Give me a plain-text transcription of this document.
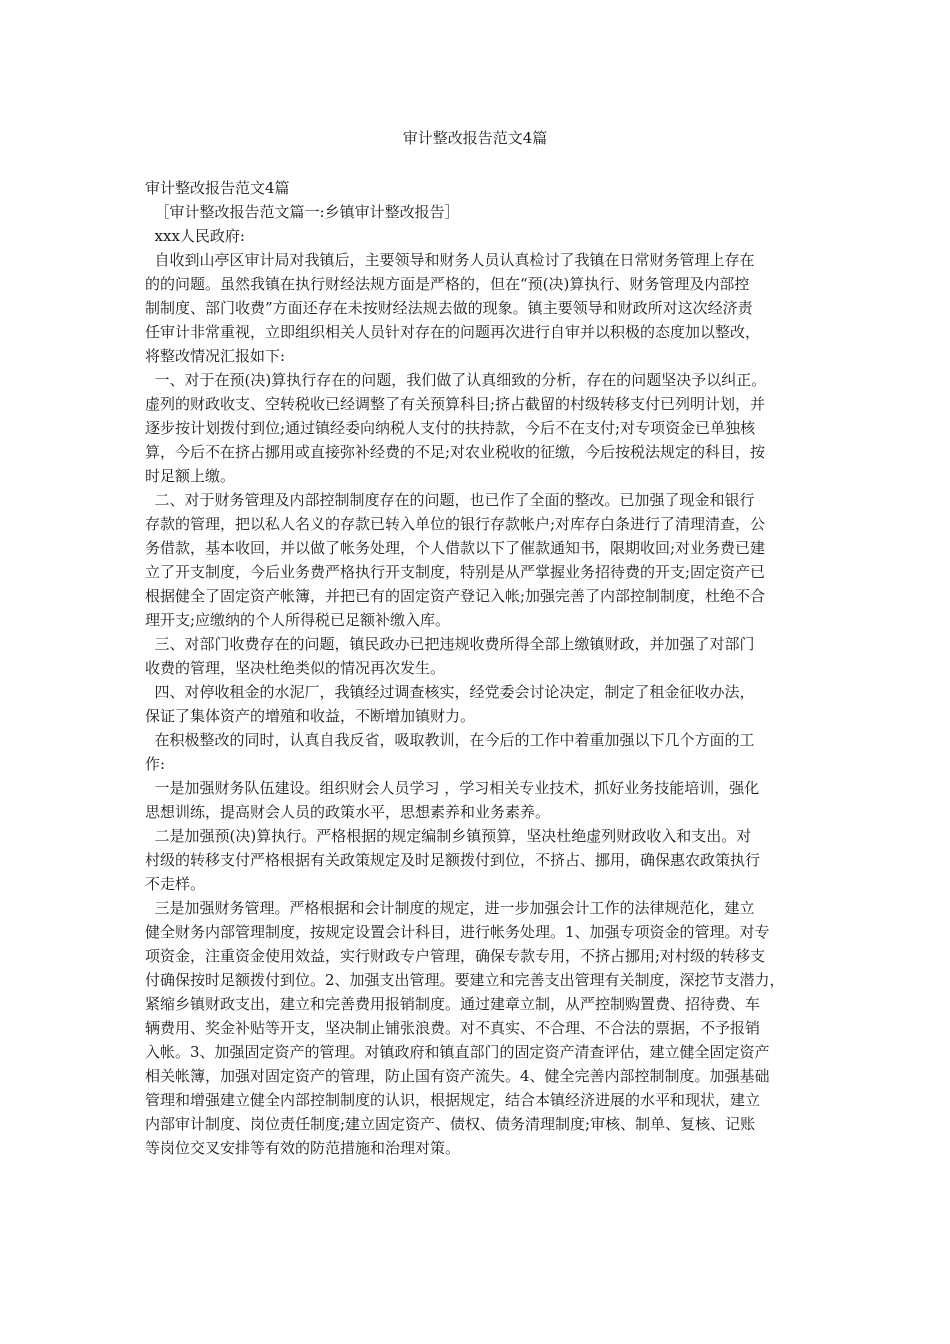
审计整改报告范文4篇
审计整改报告范文4篇
［审计整改报告范文篇一:乡镇审计整改报告］
xxx人民政府:
自收到山亭区审计局对我镇后，主要领导和财务人员认真检讨了我镇在日常财务管理上存在
的的问题。虽然我镇在执行财经法规方面是严格的，但在“预(决)算执行、财务管理及内部控
制制度、部门收费”方面还存在未按财经法规去做的现象。镇主要领导和财政所对这次经济责
任审计非常重视，立即组织相关人员针对存在的问题再次进行自审并以积极的态度加以整改，
将整改情况汇报如下:
一、对于在预(决)算执行存在的问题，我们做了认真细致的分析，存在的问题坚决予以纠正。
虚列的财政收支、空转税收已经调整了有关预算科目;挤占截留的村级转移支付已列明计划，并
逐步按计划拨付到位;通过镇经委向纳税人支付的扶持款，今后不在支付;对专项资金已单独核
算，今后不在挤占挪用或直接弥补经费的不足;对农业税收的征缴，今后按税法规定的科目，按
时足额上缴。
二、对于财务管理及内部控制制度存在的问题，也已作了全面的整改。已加强了现金和银行
存款的管理，把以私人名义的存款已转入单位的银行存款帐户;对库存白条进行了清理清查，公
务借款，基本收回，并以做了帐务处理，个人借款以下了催款通知书，限期收回;对业务费已建
立了开支制度，今后业务费严格执行开支制度，特别是从严掌握业务招待费的开支;固定资产已
根据健全了固定资产帐簿，并把已有的固定资产登记入帐;加强完善了内部控制制度，杜绝不合
理开支;应缴纳的个人所得税已足额补缴入库。
三、对部门收费存在的问题，镇民政办已把违规收费所得全部上缴镇财政，并加强了对部门
收费的管理，坚决杜绝类似的情况再次发生。
四、对停收租金的水泥厂，我镇经过调查核实，经党委会讨论决定，制定了租金征收办法，
保证了集体资产的增殖和收益，不断增加镇财力。
在积极整改的同时，认真自我反省，吸取教训，在今后的工作中着重加强以下几个方面的工
作:
一是加强财务队伍建设。组织财会人员学习 ，学习相关专业技术，抓好业务技能培训，强化
思想训练，提高财会人员的政策水平，思想素养和业务素养。
二是加强预(决)算执行。严格根据的规定编制乡镇预算，坚决杜绝虚列财政收入和支出。对
村级的转移支付严格根据有关政策规定及时足额拨付到位，不挤占、挪用，确保惠农政策执行
不走样。
三是加强财务管理。严格根据和会计制度的规定，进一步加强会计工作的法律规范化，建立
健全财务内部管理制度，按规定设置会计科目，进行帐务处理。1、加强专项资金的管理。对专
项资金，注重资金使用效益，实行财政专户管理，确保专款专用，不挤占挪用;对村级的转移支
付确保按时足额拨付到位。2、加强支出管理。要建立和完善支出管理有关制度，深挖节支潜力，
紧缩乡镇财政支出，建立和完善费用报销制度。通过建章立制，从严控制购置费、招待费、车
辆费用、奖金补贴等开支，坚决制止铺张浪费。对不真实、不合理、不合法的票据，不予报销
入帐。3、加强固定资产的管理。对镇政府和镇直部门的固定资产清查评估，建立健全固定资产
相关帐簿，加强对固定资产的管理，防止国有资产流失。4、健全完善内部控制制度。加强基础
管理和增强建立健全内部控制制度的认识，根据规定，结合本镇经济进展的水平和现状，建立
内部审计制度、岗位责任制度;建立固定资产、债权、债务清理制度;审核、制单、复核、记账
等岗位交叉安排等有效的防范措施和治理对策。
